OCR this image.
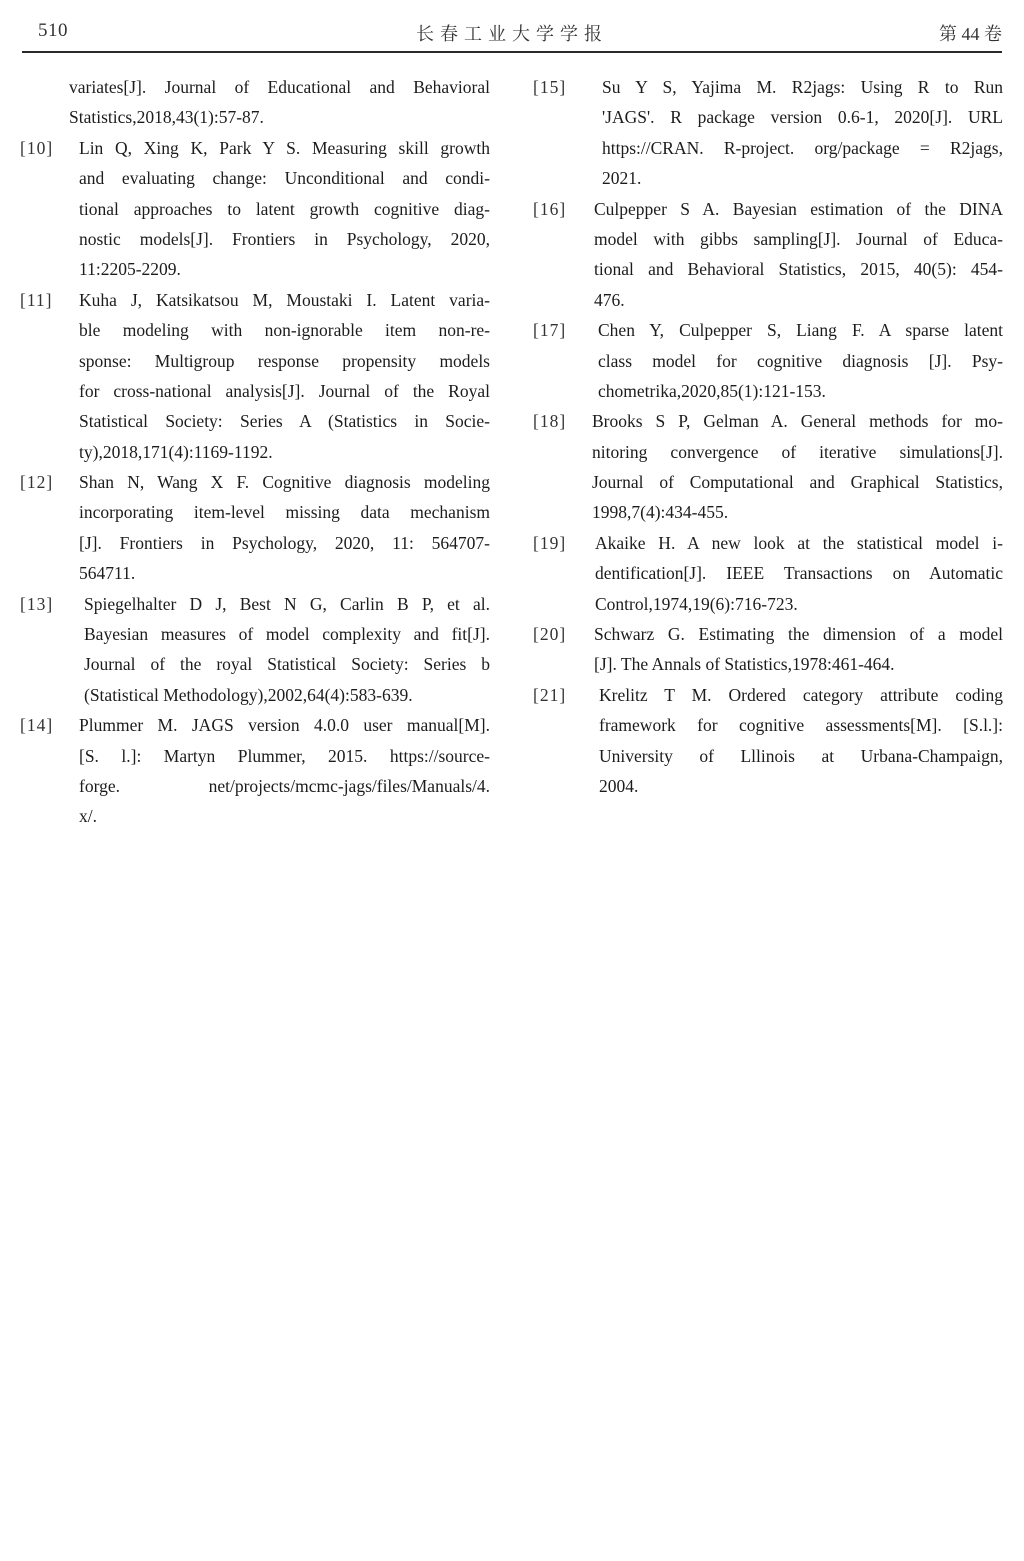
510	长春工业大学学报	第 44 卷
variates[J]. Journal of Educational and Behavioral
Statistics,2018,43(1):57-87.
[10] Lin Q, Xing K, Park Y S. Measuring skill growth
and evaluating change: Unconditional and condi-
tional approaches to latent growth cognitive diag-
nostic models[J]. Frontiers in Psychology, 2020,
11:2205-2209.
[11] Kuha J, Katsikatsou M, Moustaki I. Latent varia-
ble modeling with non-ignorable item non-re-
sponse: Multigroup response propensity models
for cross-national analysis[J]. Journal of the Royal
Statistical Society: Series A (Statistics in Socie-
ty),2018,171(4):1169-1192.
[12] Shan N, Wang X F. Cognitive diagnosis modeling
incorporating item-level missing data mechanism
[J]. Frontiers in Psychology, 2020, 11: 564707-
564711.
[13] Spiegelhalter D J, Best N G, Carlin B P, et al.
Bayesian measures of model complexity and fit[J].
Journal of the royal Statistical Society: Series b
(Statistical Methodology),2002,64(4):583-639.
[14] Plummer M. JAGS version 4.0.0 user manual[M].
[S. l.]: Martyn Plummer, 2015. https://source-
forge. net/projects/mcmc-jags/files/Manuals/4.
x/.
[15] Su Y S, Yajima M. R2jags: Using R to Run
'JAGS'. R package version 0.6-1, 2020[J]. URL
https://CRAN. R-project. org/package = R2jags,
2021.
[16] Culpepper S A. Bayesian estimation of the DINA
model with gibbs sampling[J]. Journal of Educa-
tional and Behavioral Statistics, 2015, 40(5): 454-
476.
[17] Chen Y, Culpepper S, Liang F. A sparse latent
class model for cognitive diagnosis [J]. Psy-
chometrika,2020,85(1):121-153.
[18] Brooks S P, Gelman A. General methods for mo-
nitoring convergence of iterative simulations[J].
Journal of Computational and Graphical Statistics,
1998,7(4):434-455.
[19] Akaike H. A new look at the statistical model i-
dentification[J]. IEEE Transactions on Automatic
Control,1974,19(6):716-723.
[20] Schwarz G. Estimating the dimension of a model
[J]. The Annals of Statistics,1978:461-464.
[21] Krelitz T M. Ordered category attribute coding
framework for cognitive assessments[M]. [S.l.]:
University of Lllinois at Urbana-Champaign,
2004.
